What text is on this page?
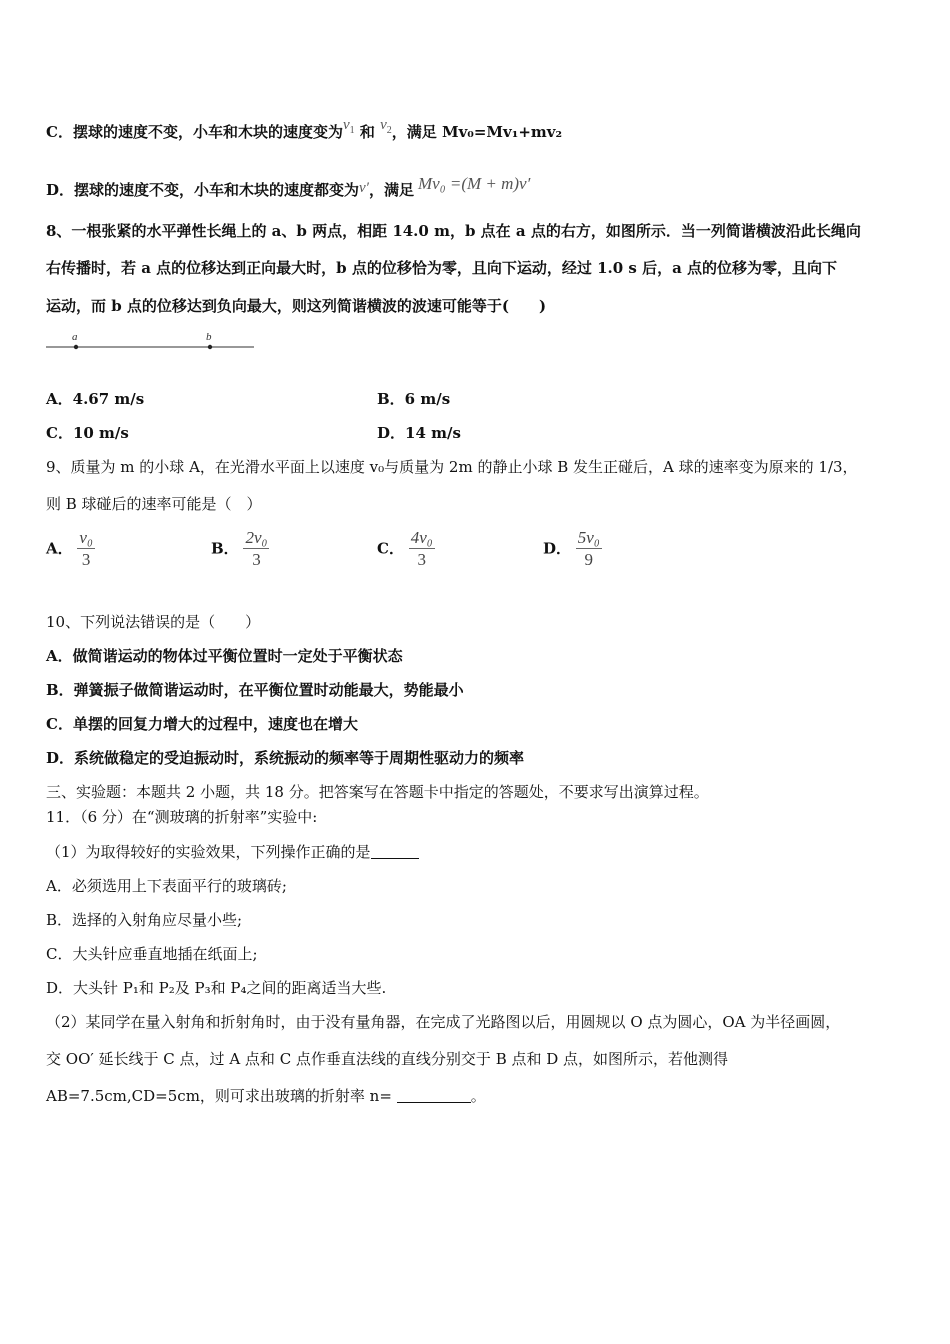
C．摆球的速度不变，小车和木块的速度变为$v_1$ 和 $v_2$，满足 Mv₀=Mv₁+mv₂
D．摆球的速度不变，小车和木块的速度都变为v′，满足 Mv₀ =(M + m)v′
8、一根张紧的水平弹性长绳上的 a、b 两点，相距 14.0 m，b 点在 a 点的右方，如图所示．当一列简谐横波沿此长绳向
右传播时，若 a 点的位移达到正向最大时，b 点的位移恰为零，且向下运动，经过 1.0 s 后，a 点的位移为零，且向下
运动，而 b 点的位移达到负向最大，则这列简谐横波的波速可能等于(　　)
a	b
A．4.67 m/s	B．6 m/s
C．10 m/s	D．14 m/s
9、质量为 m 的小球 A，在光滑水平面上以速度 v₀与质量为 2m 的静止小球 B 发生正碰后，A 球的速率变为原来的 1/3，
则 B 球碰后的速率可能是（　）
A． $\frac{\text{v₀}}{3}$	B． $\frac{\text{2v₀}}{3}$	C． $\frac{\text{4v₀}}{3}$	D． $\frac{\text{5v₀}}{9}$
10、下列说法错误的是（　　）
A．做简谐运动的物体过平衡位置时一定处于平衡状态
B．弹簧振子做简谐运动时，在平衡位置时动能最大，势能最小
C．单摆的回复力增大的过程中，速度也在增大
D．系统做稳定的受迫振动时，系统振动的频率等于周期性驱动力的频率
三、实验题：本题共 2 小题，共 18 分。把答案写在答题卡中指定的答题处，不要求写出演算过程。
11．（6 分）在“测玻璃的折射率”实验中:
（1）为取得较好的实验效果，下列操作正确的是
A．必须选用上下表面平行的玻璃砖;
B．选择的入射角应尽量小些;
C．大头针应垂直地插在纸面上;
D．大头针 P₁和 P₂及 P₃和 P₄之间的距离适当大些.
（2）某同学在量入射角和折射角时，由于没有量角器，在完成了光路图以后，用圆规以 O 点为圆心，OA 为半径画圆，
交 OO′ 延长线于 C 点，过 A 点和 C 点作垂直法线的直线分别交于 B 点和 D 点，如图所示，若他测得
AB=7.5cm,CD=5cm，则可求出玻璃的折射率 n=	。
